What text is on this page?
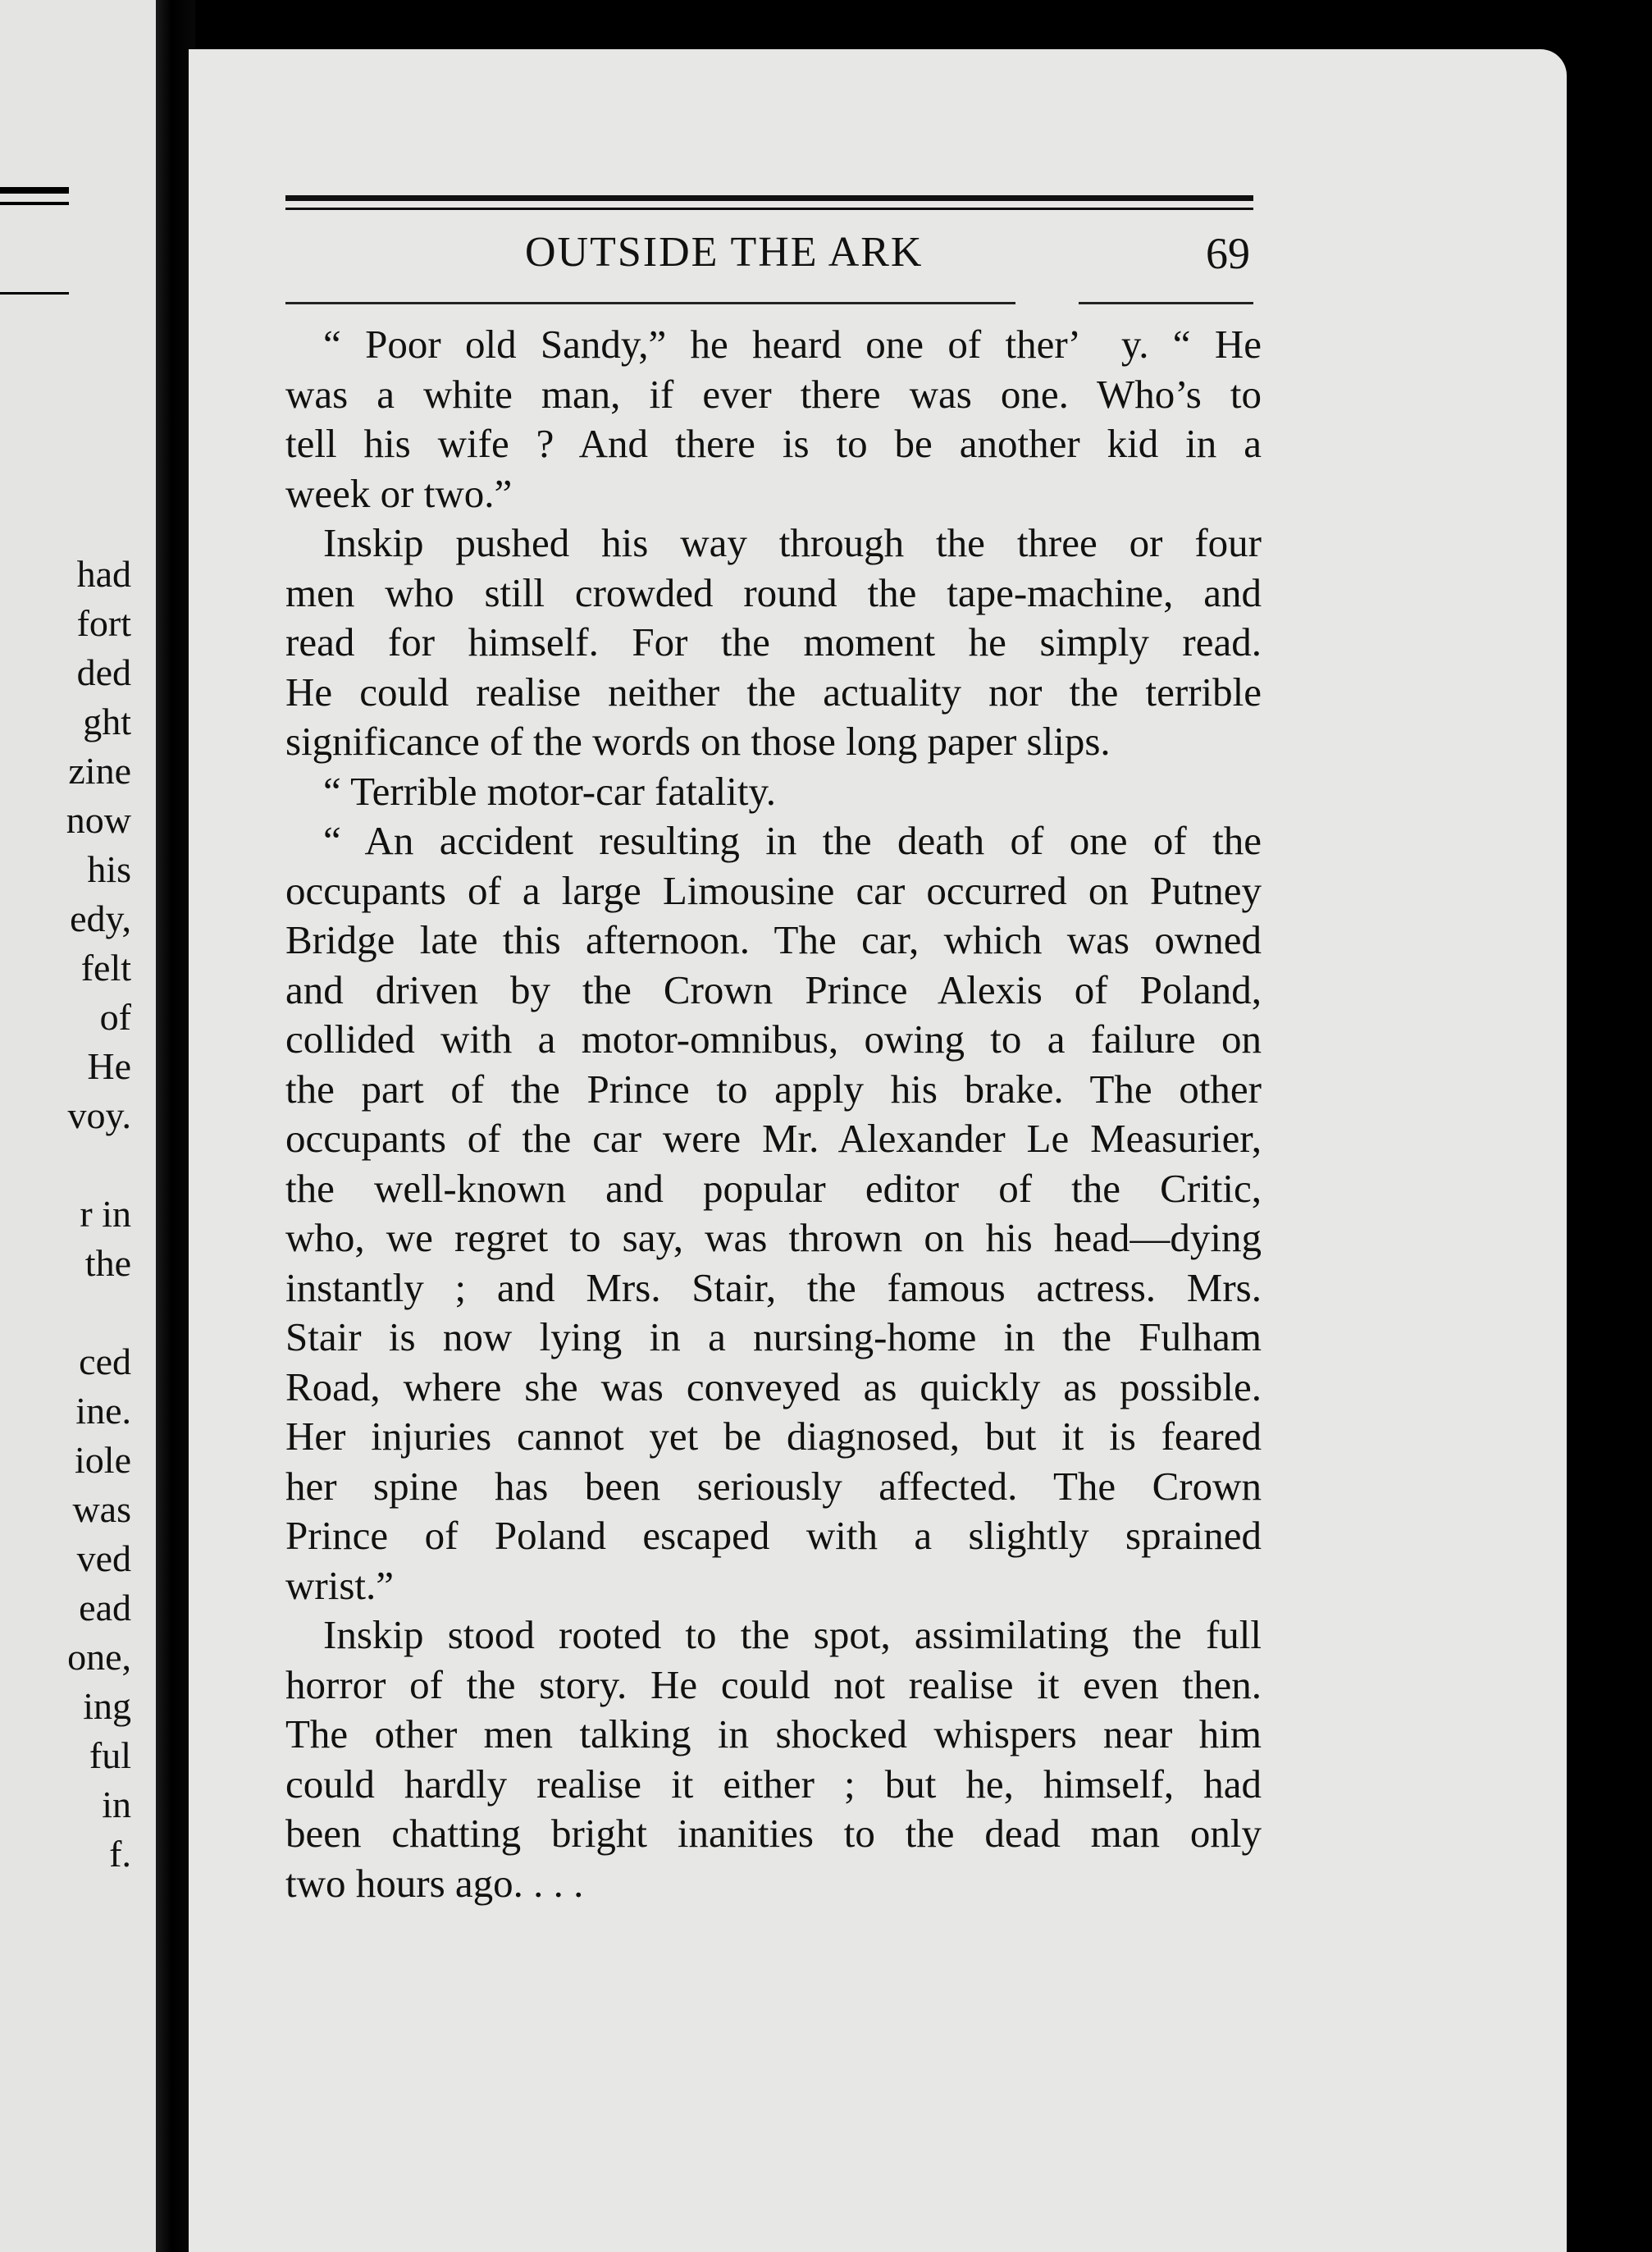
had
fort
ded
ght
zine
now
his
edy,
felt
of
He
voy.
r in
the
ced
ine.
iole
was
ved
ead
one,
ing
ful
in
f.
OUTSIDE THE ARK	69
“ Poor old Sandy,” he heard one of therʼ   y. “ He
was a white man, if ever there was one. Who’s to
tell his wife ? And there is to be another kid in a
week or two.”
Inskip pushed his way through the three or four
men who still crowded round the tape-machine, and
read for himself. For the moment he simply read.
He could realise neither the actuality nor the terrible
significance of the words on those long paper slips.
“ Terrible motor-car fatality.
“ An accident resulting in the death of one of the
occupants of a large Limousine car occurred on Putney
Bridge late this afternoon. The car, which was owned
and driven by the Crown Prince Alexis of Poland,
collided with a motor-omnibus, owing to a failure on
the part of the Prince to apply his brake. The other
occupants of the car were Mr. Alexander Le Measurier,
the well-known and popular editor of the Critic,
who, we regret to say, was thrown on his head—dying
instantly ; and Mrs. Stair, the famous actress. Mrs.
Stair is now lying in a nursing-home in the Fulham
Road, where she was conveyed as quickly as possible.
Her injuries cannot yet be diagnosed, but it is feared
her spine has been seriously affected. The Crown
Prince of Poland escaped with a slightly sprained
wrist.”
Inskip stood rooted to the spot, assimilating the full
horror of the story. He could not realise it even then.
The other men talking in shocked whispers near him
could hardly realise it either ; but he, himself, had
been chatting bright inanities to the dead man only
two hours ago. . . .
